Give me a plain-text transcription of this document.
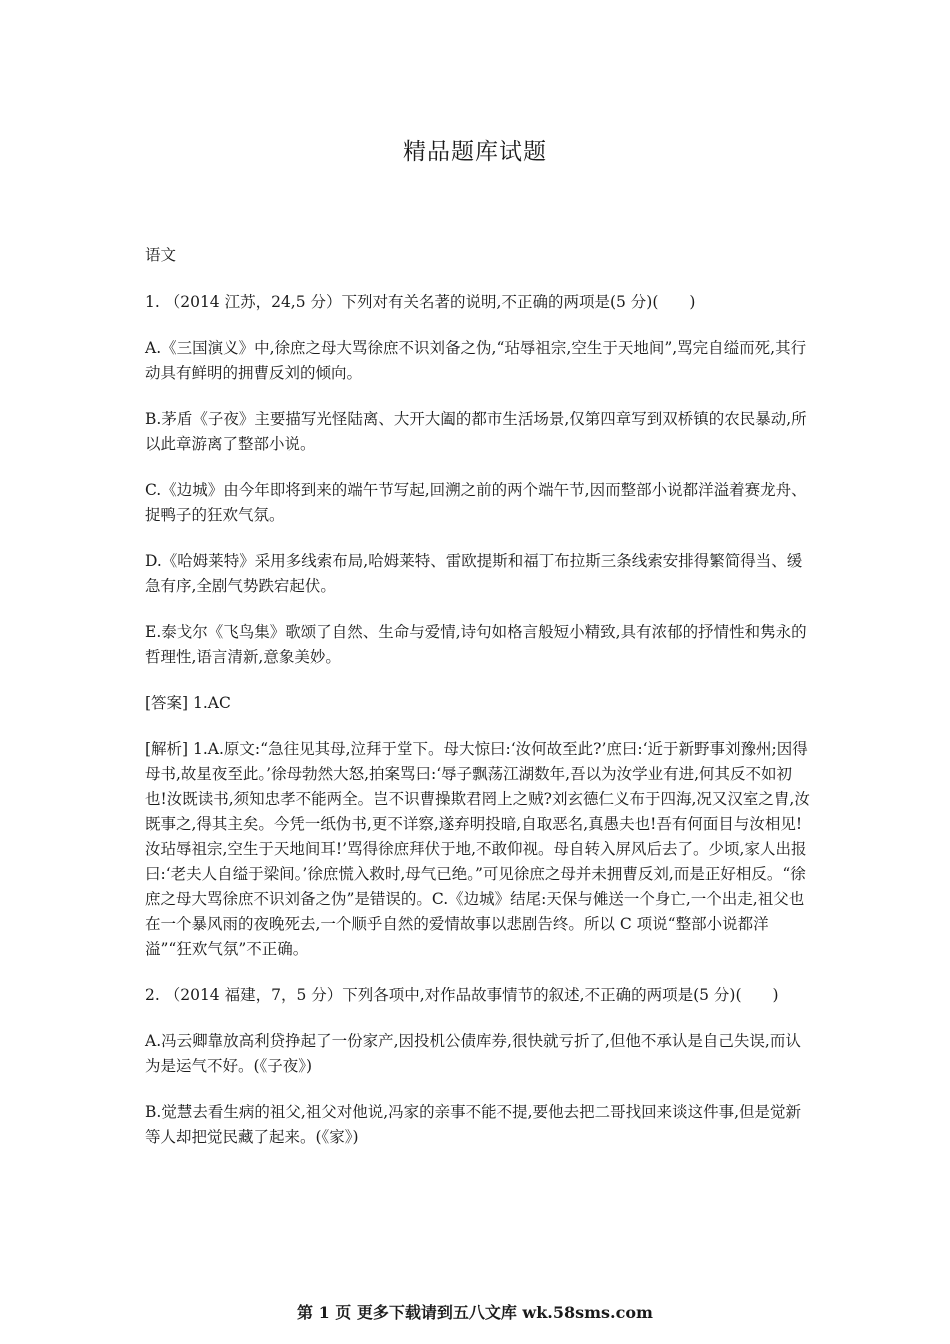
精品题库试题

语文

1. （2014 江苏，24,5 分）下列对有关名著的说明,不正确的两项是(5 分)(　　)

A.《三国演义》中,徐庶之母大骂徐庶不识刘备之伪,“玷辱祖宗,空生于天地间”,骂完自缢而死,其行动具有鲜明的拥曹反刘的倾向。

B.茅盾《子夜》主要描写光怪陆离、大开大阖的都市生活场景,仅第四章写到双桥镇的农民暴动,所以此章游离了整部小说。

C.《边城》由今年即将到来的端午节写起,回溯之前的两个端午节,因而整部小说都洋溢着赛龙舟、捉鸭子的狂欢气氛。

D.《哈姆莱特》采用多线索布局,哈姆莱特、雷欧提斯和福丁布拉斯三条线索安排得繁简得当、缓急有序,全剧气势跌宕起伏。

E.泰戈尔《飞鸟集》歌颂了自然、生命与爱情,诗句如格言般短小精致,具有浓郁的抒情性和隽永的哲理性,语言清新,意象美妙。

[答案] 1.AC

[解析] 1.A.原文:“急往见其母,泣拜于堂下。母大惊曰:‘汝何故至此?’庶曰:‘近于新野事刘豫州;因得母书,故星夜至此。’徐母勃然大怒,拍案骂曰:‘辱子飘荡江湖数年,吾以为汝学业有进,何其反不如初也!汝既读书,须知忠孝不能两全。岂不识曹操欺君罔上之贼?刘玄德仁义布于四海,况又汉室之胄,汝既事之,得其主矣。今凭一纸伪书,更不详察,遂弃明投暗,自取恶名,真愚夫也!吾有何面目与汝相见!汝玷辱祖宗,空生于天地间耳!’骂得徐庶拜伏于地,不敢仰视。母自转入屏风后去了。少顷,家人出报曰:‘老夫人自缢于梁间。’徐庶慌入救时,母气已绝。”可见徐庶之母并未拥曹反刘,而是正好相反。“徐庶之母大骂徐庶不识刘备之伪”是错误的。C.《边城》结尾:天保与傩送一个身亡,一个出走,祖父也在一个暴风雨的夜晚死去,一个顺乎自然的爱情故事以悲剧告终。所以 C 项说“整部小说都洋溢”“狂欢气氛”不正确。

2. （2014 福建，7，5 分）下列各项中,对作品故事情节的叙述,不正确的两项是(5 分)(　　)

A.冯云卿靠放高利贷挣起了一份家产,因投机公债库券,很快就亏折了,但他不承认是自己失误,而认为是运气不好。(《子夜》)

B.觉慧去看生病的祖父,祖父对他说,冯家的亲事不能不提,要他去把二哥找回来谈这件事,但是觉新等人却把觉民藏了起来。(《家》)

第 1 页 更多下载请到五八文库 wk.58sms.com
